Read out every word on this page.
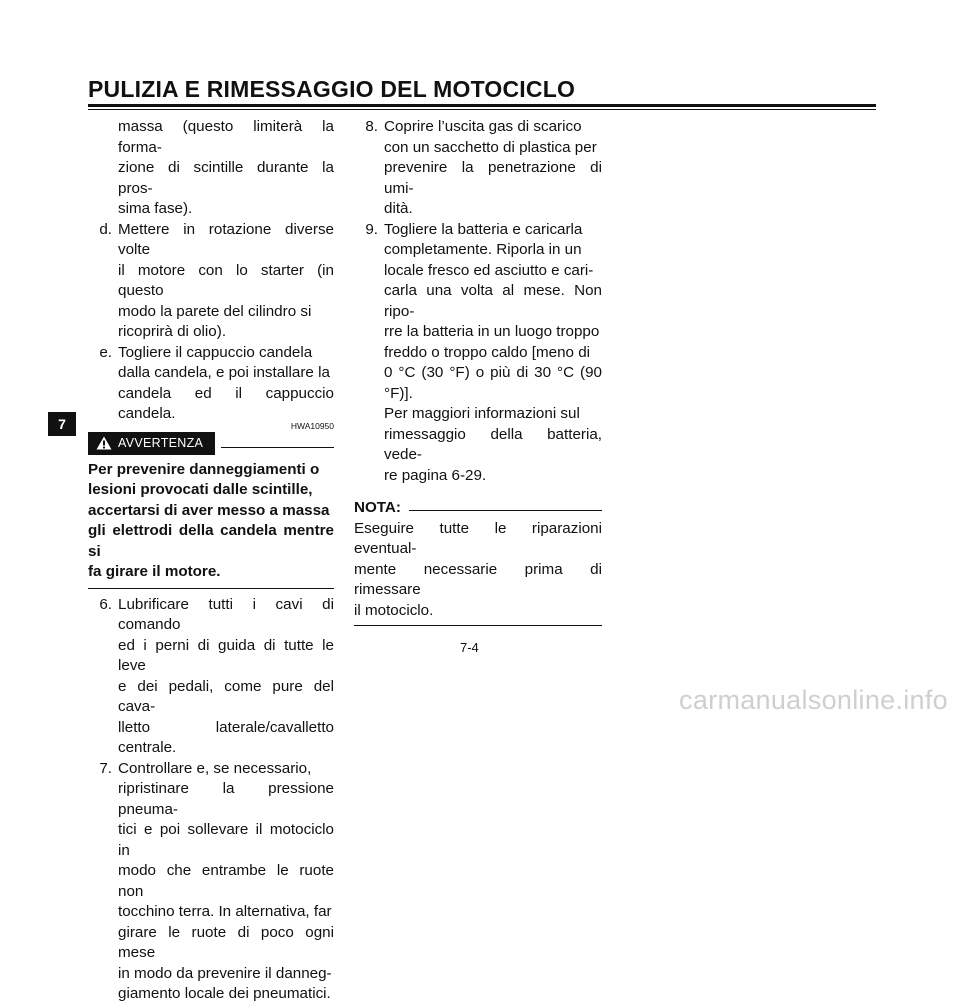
PULIZIA E RIMESSAGGIO DEL MOTOCICLO
massa (questo limiterà la forma-
zione di scintille durante la pros-
sima fase).
d. Mettere in rotazione diverse volte
il motore con lo starter (in questo
modo la parete del cilindro si
ricoprirà di olio).
e. Togliere il cappuccio candela
dalla candela, e poi installare la
candela ed il cappuccio candela.
HWA10950
AVVERTENZA
Per prevenire danneggiamenti o
lesioni provocati dalle scintille,
accertarsi di aver messo a massa
gli elettrodi della candela mentre si
fa girare il motore.
6. Lubrificare tutti i cavi di comando
ed i perni di guida di tutte le leve
e dei pedali, come pure del cava-
lletto laterale/cavalletto centrale.
7. Controllare e, se necessario,
ripristinare la pressione pneuma-
tici e poi sollevare il motociclo in
modo che entrambe le ruote non
tocchino terra. In alternativa, far
girare le ruote di poco ogni mese
in modo da prevenire il danneg-
giamento locale dei pneumatici.
8. Coprire l’uscita gas di scarico
con un sacchetto di plastica per
prevenire la penetrazione di umi-
dità.
9. Togliere la batteria e caricarla
completamente. Riporla in un
locale fresco ed asciutto e cari-
carla una volta al mese. Non ripo-
rre la batteria in un luogo troppo
freddo o troppo caldo [meno di
0 °C (30 °F) o più di 30 °C (90 °F)].
Per maggiori informazioni sul
rimessaggio della batteria, vede-
re pagina 6-29.
NOTA:
Eseguire tutte le riparazioni eventual-
mente necessarie prima di rimessare
il motociclo.
7
7-4
carmanualsonline.info
